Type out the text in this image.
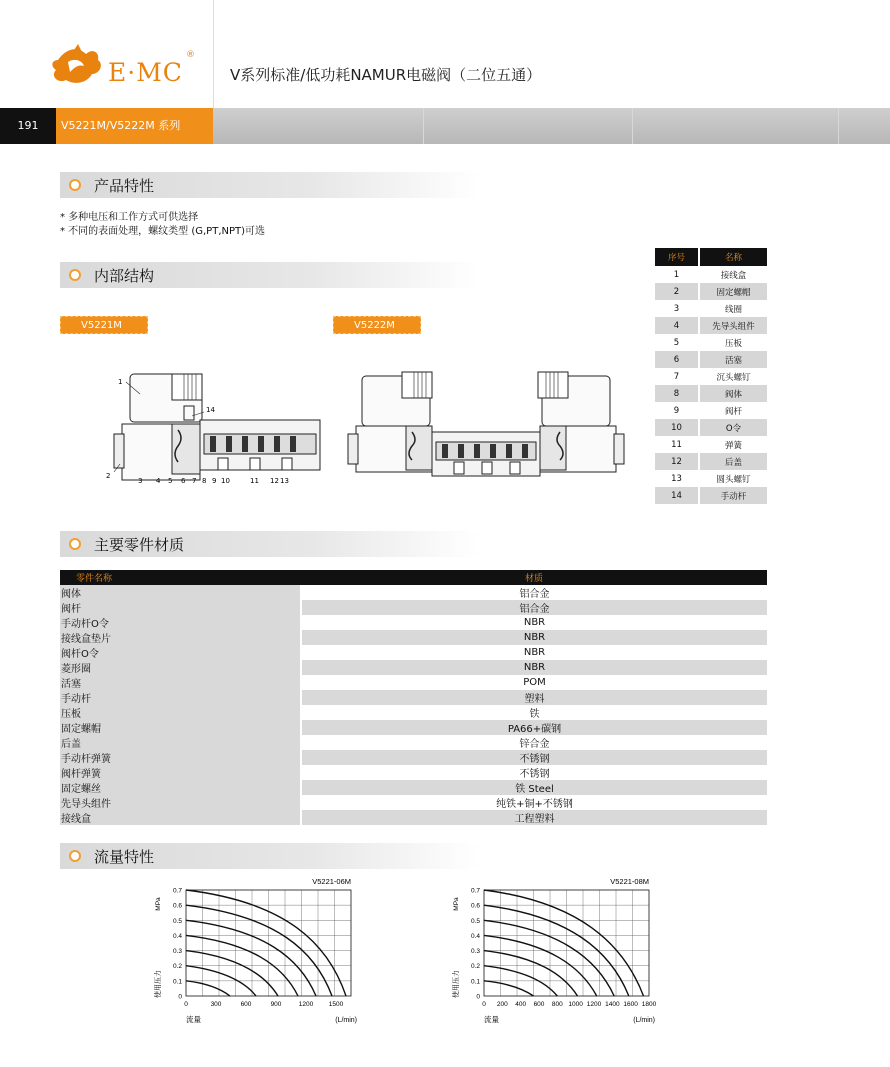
E·MC
®
V系列标准/低功耗NAMUR电磁阀（二位五通）
191	V5221M/V5222M 系列
产品特性
* 多种电压和工作方式可供选择
* 不同的表面处理，螺纹类型 (G,PT,NPT)可选
内部结构
V5221M	V5222M
1
14
2
3 4 5 6 7 8 9 10	11 12 13
序号	名称
1	接线盒
2	固定螺帽
3	线圈
4	先导头组件
5	压板
6	活塞
7	沉头螺钉
8	阀体
9	阀杆
10	O令
11	弹簧
12	后盖
13	圆头螺钉
14	手动杆
主要零件材质
零件名称	材质
阀体	铝合金
阀杆	铝合金
手动杆O令	NBR
接线盒垫片	NBR
阀杆O令	NBR
菱形圈	NBR
活塞	POM
手动杆	塑料
压板	铁
固定螺帽	PA66+碳钢
后盖	锌合金
手动杆弹簧	不锈钢
阀杆弹簧	不锈钢
固定螺丝	铁 Steel
先导头组件	纯铁+铜+不锈钢
接线盒	工程塑料
流量特性
0
0.1
0.2
0.3
0.4
0.5
0.6
0.7
0	300	600	900	1200 1500
V5221-06M
MPa
使用压力
流量	(L/min)
0
0.1
0.2
0.3
0.4
0.5
0.6
0.7
0 200 400 600 800 1000 1200 1400 1600 1800
V5221-08M
MPa
使用压力
流量	(L/min)
